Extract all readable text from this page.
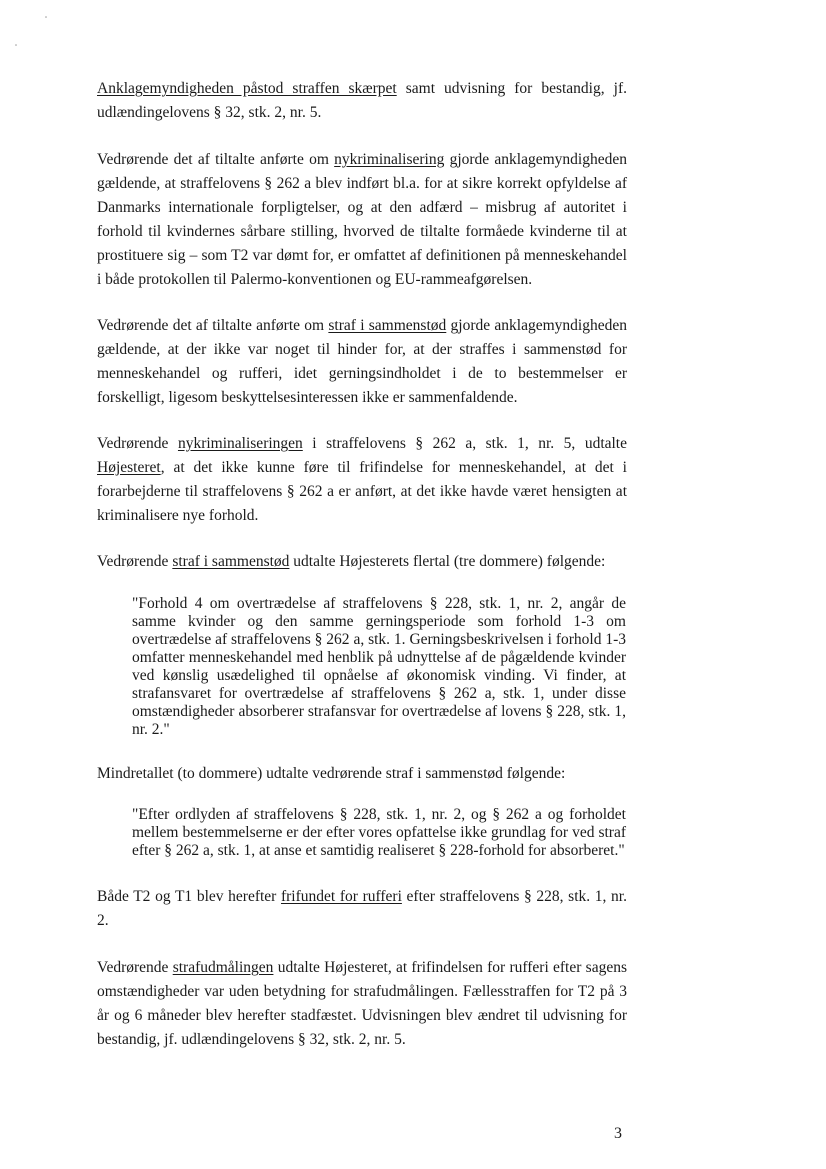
Anklagemyndigheden påstod straffen skærpet samt udvisning for bestandig, jf. udlændingelovens § 32, stk. 2, nr. 5.

Vedrørende det af tiltalte anførte om nykriminalisering gjorde anklagemyndigheden gældende, at straffelovens § 262 a blev indført bl.a. for at sikre korrekt opfyldelse af Danmarks internationale forpligtelser, og at den adfærd – misbrug af autoritet i forhold til kvindernes sårbare stilling, hvorved de tiltalte formåede kvinderne til at prostituere sig – som T2 var dømt for, er omfattet af definitionen på menneskehandel i både protokollen til Palermo-konventionen og EU-rammeafgørelsen.

Vedrørende det af tiltalte anførte om straf i sammenstød gjorde anklagemyndigheden gældende, at der ikke var noget til hinder for, at der straffes i sammenstød for menneskehandel og rufferi, idet gerningsindholdet i de to bestemmelser er forskelligt, ligesom beskyttelsesinteressen ikke er sammenfaldende.

Vedrørende nykriminaliseringen i straffelovens § 262 a, stk. 1, nr. 5, udtalte Højesteret, at det ikke kunne føre til frifindelse for menneskehandel, at det i forarbejderne til straffelovens § 262 a er anført, at det ikke havde været hensigten at kriminalisere nye forhold.

Vedrørende straf i sammenstød udtalte Højesterets flertal (tre dommere) følgende:

"Forhold 4 om overtrædelse af straffelovens § 228, stk. 1, nr. 2, angår de samme kvinder og den samme gerningsperiode som forhold 1-3 om overtrædelse af straffelovens § 262 a, stk. 1. Gerningsbeskrivelsen i forhold 1-3 omfatter menneskehandel med henblik på udnyttelse af de pågældende kvinder ved kønslig usædelighed til opnåelse af økonomisk vinding. Vi finder, at strafansvaret for overtrædelse af straffelovens § 262 a, stk. 1, under disse omstændigheder absorberer strafansvar for overtrædelse af lovens § 228, stk. 1, nr. 2."

Mindretallet (to dommere) udtalte vedrørende straf i sammenstød følgende:

"Efter ordlyden af straffelovens § 228, stk. 1, nr. 2, og § 262 a og forholdet mellem bestemmelserne er der efter vores opfattelse ikke grundlag for ved straf efter § 262 a, stk. 1, at anse et samtidig realiseret § 228-forhold for absorberet."

Både T2 og T1 blev herefter frifundet for rufferi efter straffelovens § 228, stk. 1, nr. 2.

Vedrørende strafudmålingen udtalte Højesteret, at frifindelsen for rufferi efter sagens omstændigheder var uden betydning for strafudmålingen. Fællesstraffen for T2 på 3 år og 6 måneder blev herefter stadfæstet. Udvisningen blev ændret til udvisning for bestandig, jf. udlændingelovens § 32, stk. 2, nr. 5.

3
